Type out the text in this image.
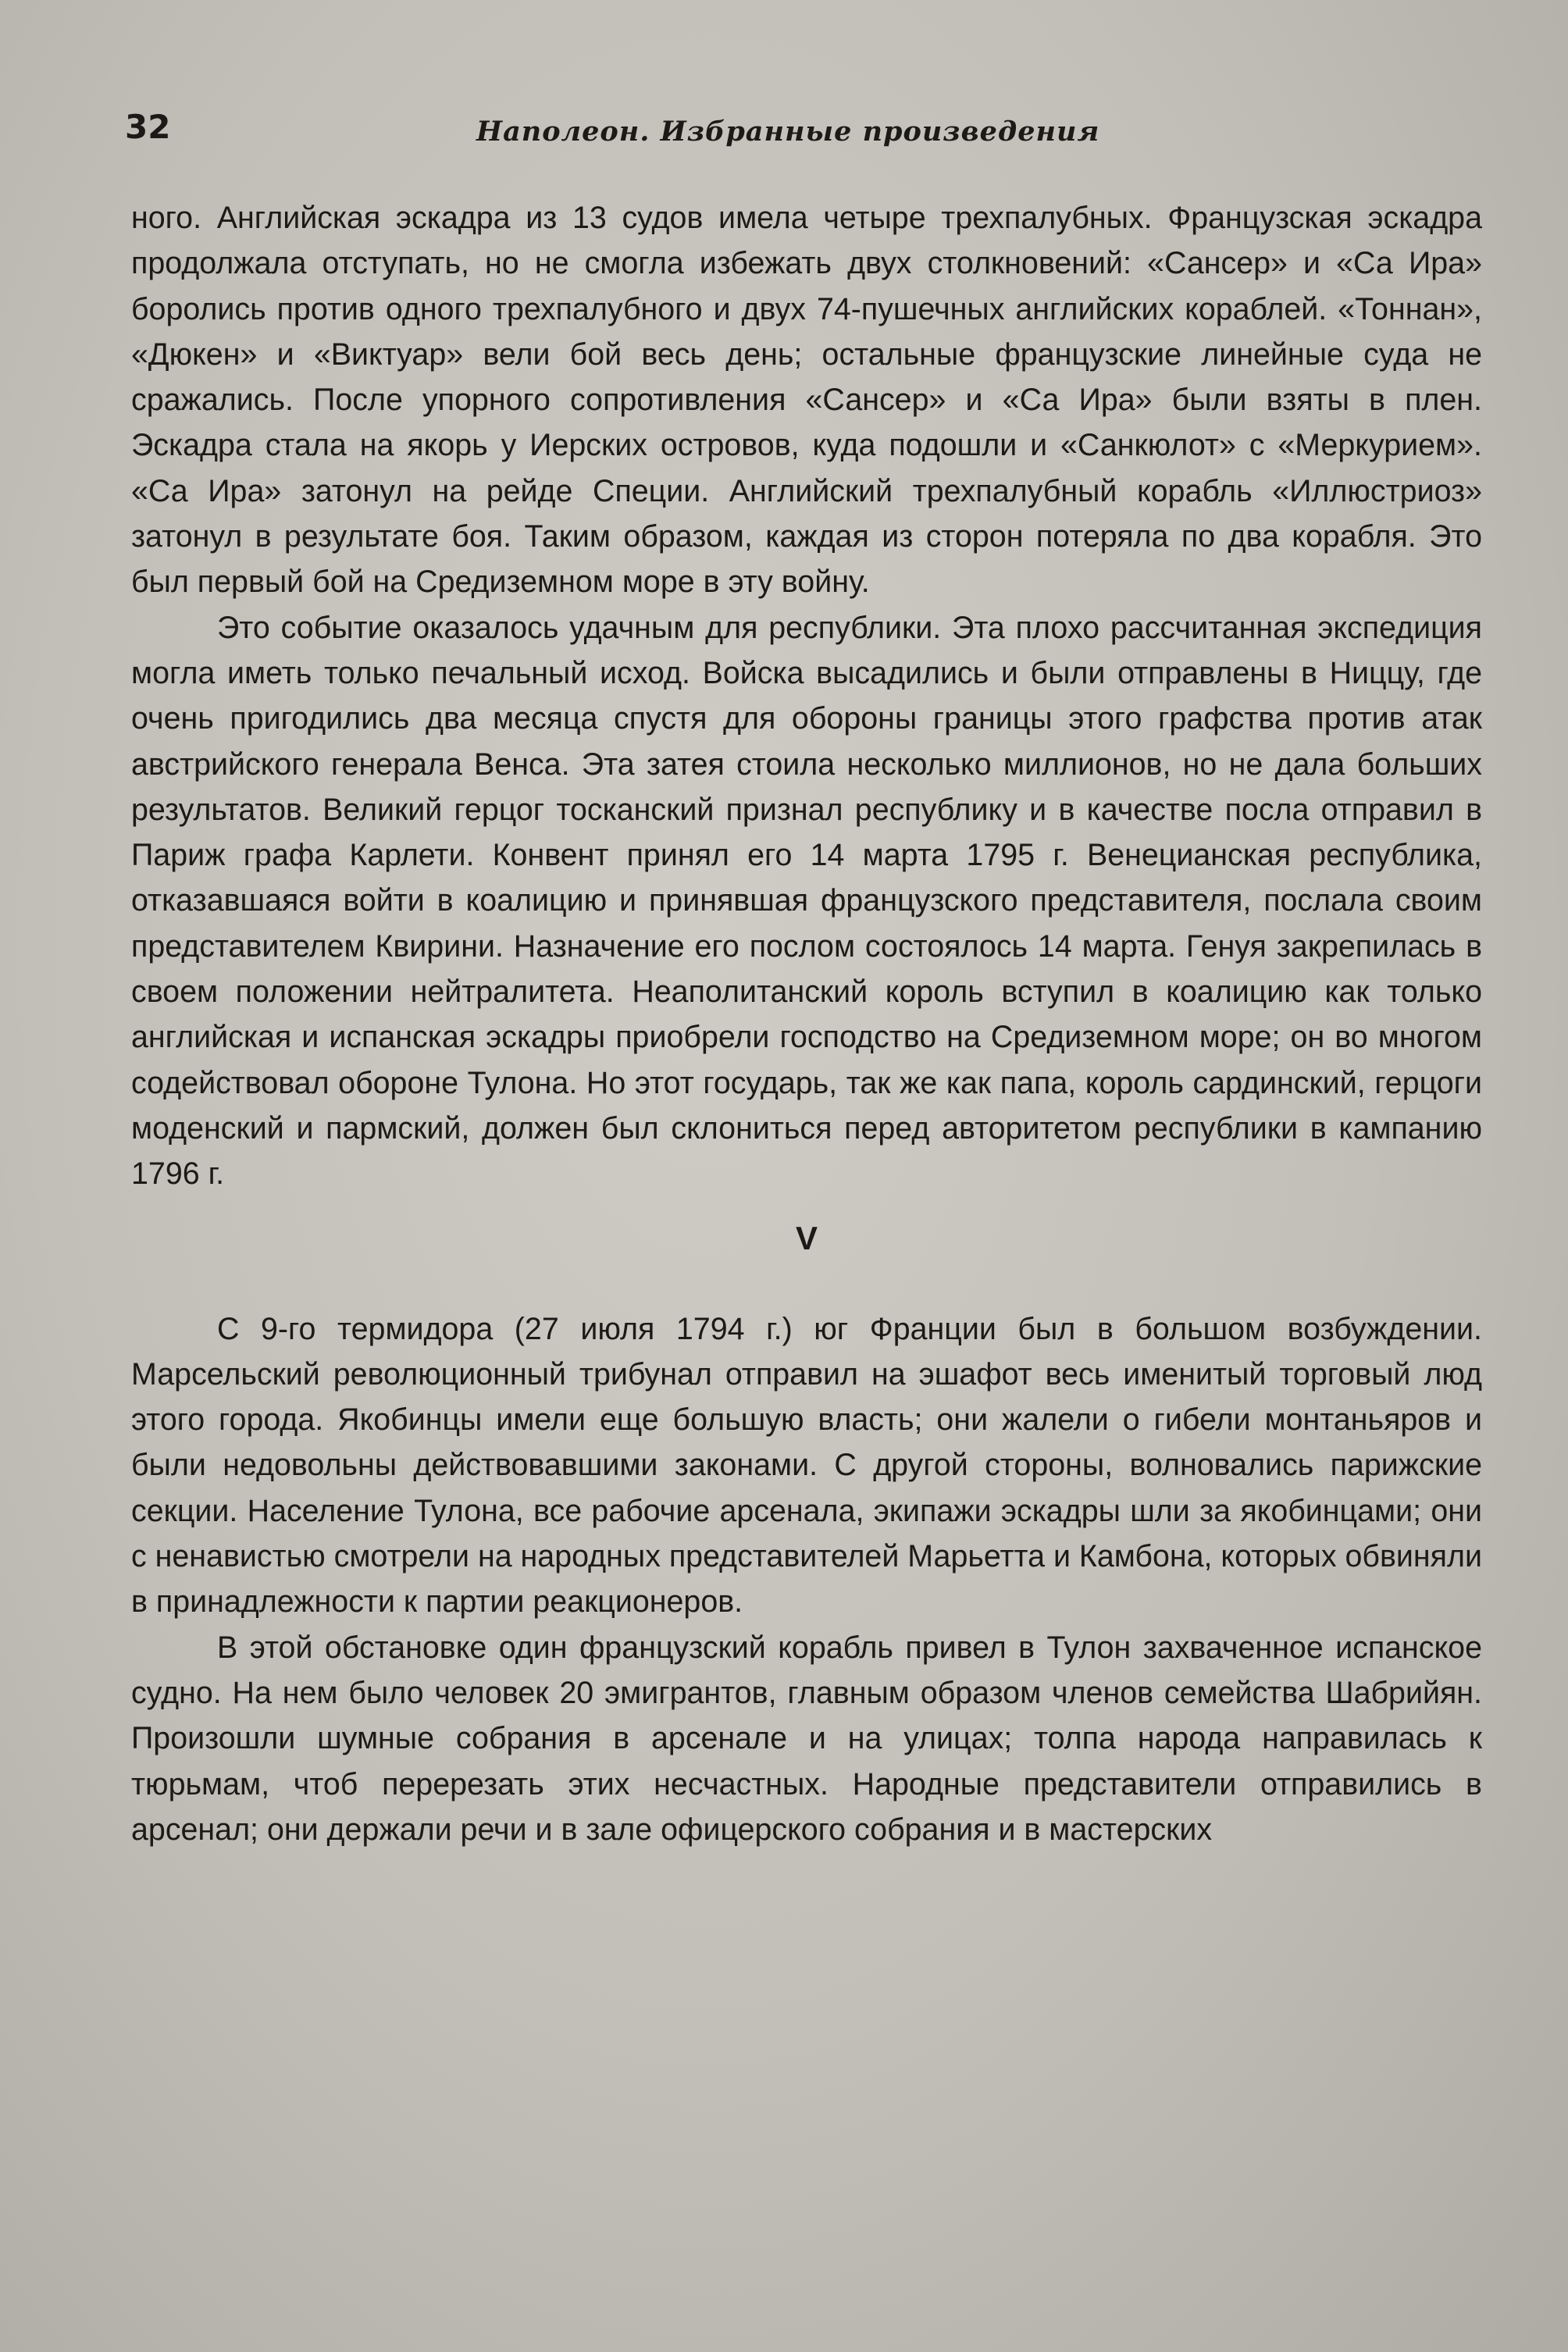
32	Наполеон. Избранные произведения

ного. Английская эскадра из 13 судов имела четыре трехпалубных. Французская эскадра продолжала отступать, но не смогла избежать двух столкновений: «Сансер» и «Са Ира» боролись против одного трехпалубного и двух 74-пушечных английских кораблей. «Тоннан», «Дюкен» и «Виктуар» вели бой весь день; остальные французские линейные суда не сражались. После упорного сопротивления «Сансер» и «Са Ира» были взяты в плен. Эскадра стала на якорь у Иерских островов, куда подошли и «Санкюлот» с «Меркурием». «Са Ира» затонул на рейде Специи. Английский трехпалубный корабль «Иллюстриоз» затонул в результате боя. Таким образом, каждая из сторон потеряла по два корабля. Это был первый бой на Средиземном море в эту войну.

Это событие оказалось удачным для республики. Эта плохо рассчитанная экспедиция могла иметь только печальный исход. Войска высадились и были отправлены в Ниццу, где очень пригодились два месяца спустя для обороны границы этого графства против атак австрийского генерала Венса. Эта затея стоила несколько миллионов, но не дала больших результатов. Великий герцог тосканский признал республику и в качестве посла отправил в Париж графа Карлети. Конвент принял его 14 марта 1795 г. Венецианская республика, отказавшаяся войти в коалицию и принявшая французского представителя, послала своим представителем Квирини. Назначение его послом состоялось 14 марта. Генуя закрепилась в своем положении нейтралитета. Неаполитанский король вступил в коалицию как только английская и испанская эскадры приобрели господство на Средиземном море; он во многом содействовал обороне Тулона. Но этот государь, так же как папа, король сардинский, герцоги моденский и пармский, должен был склониться перед авторитетом республики в кампанию 1796 г.

V

С 9-го термидора (27 июля 1794 г.) юг Франции был в большом возбуждении. Марсельский революционный трибунал отправил на эшафот весь именитый торговый люд этого города. Якобинцы имели еще большую власть; они жалели о гибели монтаньяров и были недовольны действовавшими законами. С другой стороны, волновались парижские секции. Население Тулона, все рабочие арсенала, экипажи эскадры шли за якобинцами; они с ненавистью смотрели на народных представителей Марьетта и Камбона, которых обвиняли в принадлежности к партии реакционеров.

В этой обстановке один французский корабль привел в Тулон захваченное испанское судно. На нем было человек 20 эмигрантов, главным образом членов семейства Шабрийян. Произошли шумные собрания в арсенале и на улицах; толпа народа направилась к тюрьмам, чтоб перерезать этих несчастных. Народные представители отправились в арсенал; они держали речи и в зале офицерского собрания и в мастерских
